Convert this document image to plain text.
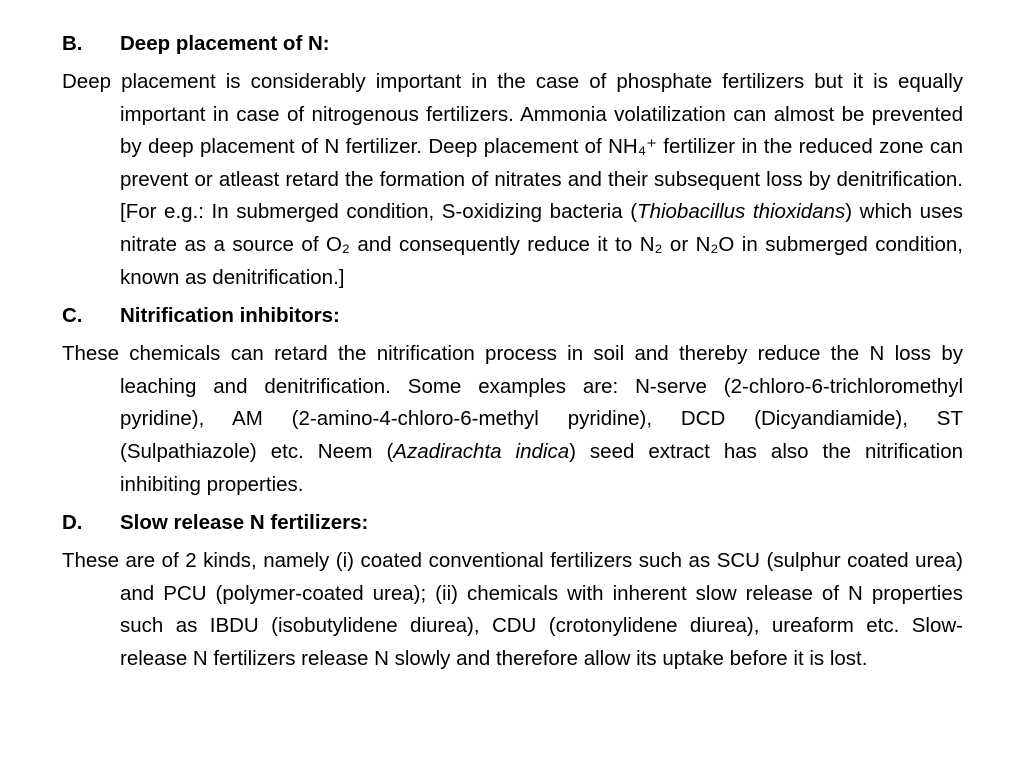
B.	Deep placement of N:

Deep placement is considerably important in the case of phosphate fertilizers but it is equally important in case of nitrogenous fertilizers. Ammonia volatilization can almost be prevented by deep placement of N fertilizer. Deep placement of NH₄⁺ fertilizer in the reduced zone can prevent or atleast retard the formation of nitrates and their subsequent loss by denitrification. [For e.g.: In submerged condition, S-oxidizing bacteria (Thiobacillus thioxidans) which uses nitrate as a source of O₂ and consequently reduce it to N₂ or N₂O in submerged condition, known as denitrification.]

C.	Nitrification inhibitors:

These chemicals can retard the nitrification process in soil and thereby reduce the N loss by leaching and denitrification. Some examples are: N-serve (2-chloro-6-trichloromethyl pyridine), AM (2-amino-4-chloro-6-methyl pyridine), DCD (Dicyandiamide), ST (Sulpathiazole) etc. Neem (Azadirachta indica) seed extract has also the nitrification inhibiting properties.

D.	Slow release N fertilizers:

These are of 2 kinds, namely (i) coated conventional fertilizers such as SCU (sulphur coated urea) and PCU (polymer-coated urea); (ii) chemicals with inherent slow release of N properties such as IBDU (isobutylidene diurea), CDU (crotonylidene diurea), ureaform etc. Slow-release N fertilizers release N slowly and therefore allow its uptake before it is lost.
